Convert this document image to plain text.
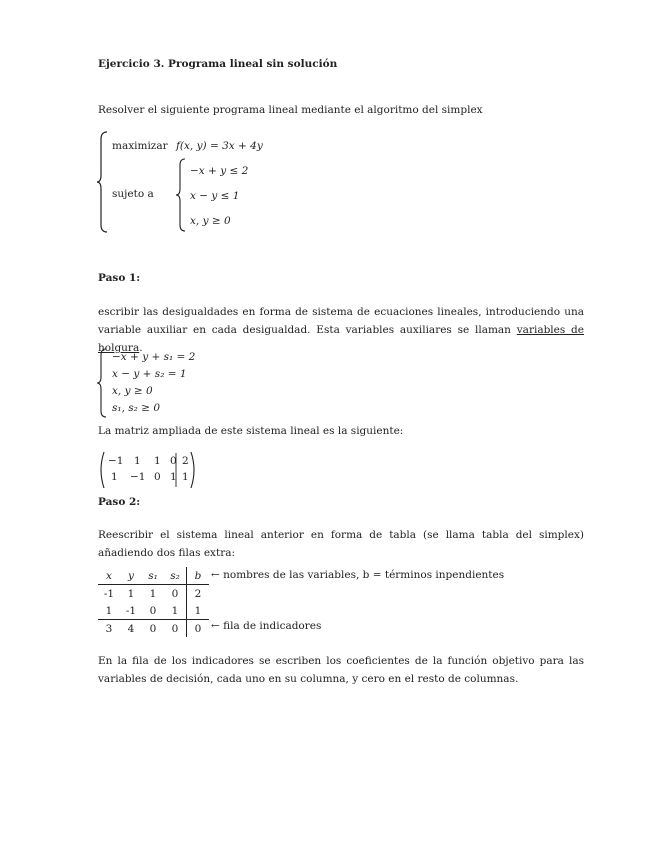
Ejercicio 3. Programa lineal sin solución
Resolver el siguiente programa lineal mediante el algoritmo del simplex
maximizar f(x, y) = 3x + 4y
sujeto a
−x + y ≤ 2
x − y ≤ 1
x, y ≥ 0
Paso 1:
escribir las desigualdades en forma de sistema de ecuaciones lineales, introduciendo una variable auxiliar en cada desigualdad. Esta variables auxiliares se llaman variables de holgura.
−x + y + s₁ = 2
x − y + s₂ = 1
x, y ≥ 0
s₁, s₂ ≥ 0
La matriz ampliada de este sistema lineal es la siguiente:
−1 1 1 0 2
1 −1 0 1 1
Paso 2:
Reescribir el sistema lineal anterior en forma de tabla (se llama tabla del simplex) añadiendo dos filas extra:
x	y	s₁	s₂	b
-1	1	1	0	2
1	-1	0	1	1
3	4	0	0	0
← nombres de las variables, b = términos inpendientes
← fila de indicadores
En la fila de los indicadores se escriben los coeficientes de la función objetivo para las variables de decisión, cada uno en su columna, y cero en el resto de columnas.
